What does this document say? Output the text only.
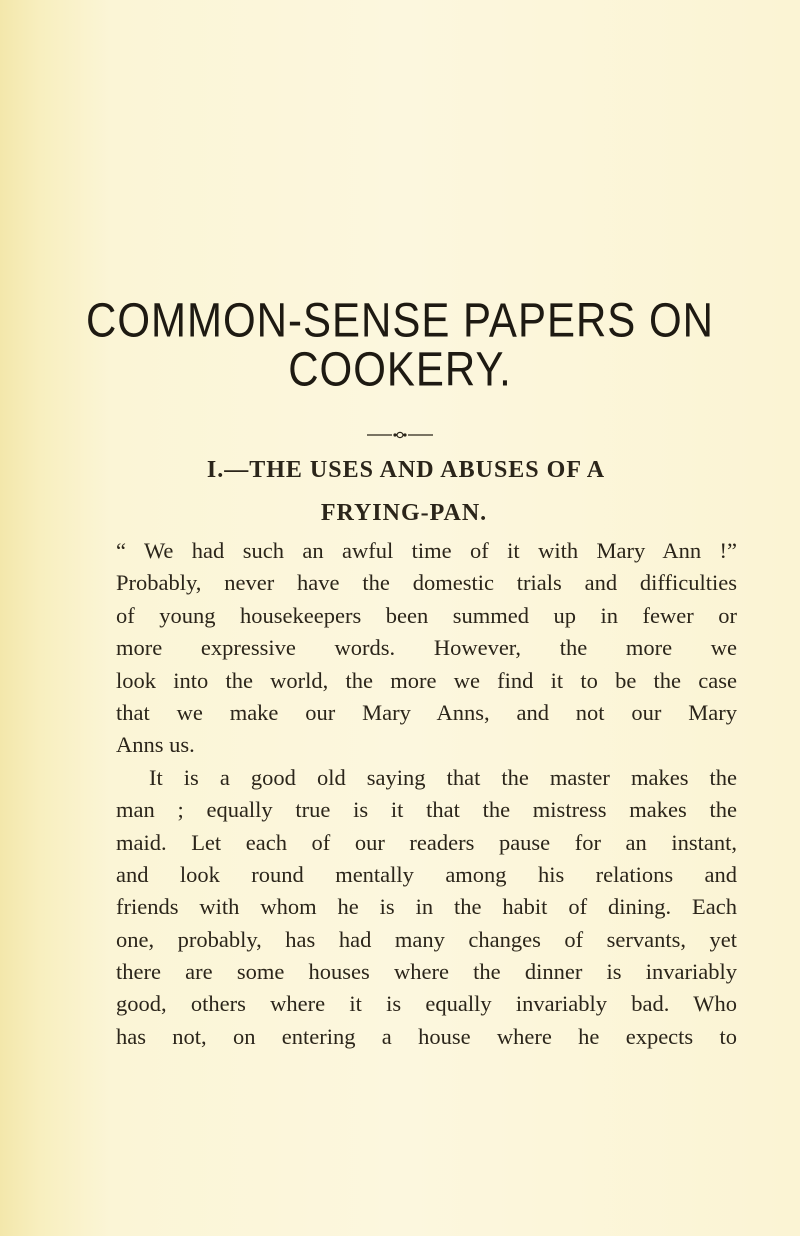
COMMON-SENSE PAPERS ON
COOKERY.
I.—THE USES AND ABUSES OF A
FRYING-PAN.
“ We had such an awful time of it with Mary Ann !”
Probably, never have the domestic trials and difficulties
of young housekeepers been summed up in fewer or
more expressive words. However, the more we
look into the world, the more we find it to be the case
that we make our Mary Anns, and not our Mary
Anns us.
It is a good old saying that the master makes the
man ; equally true is it that the mistress makes the
maid. Let each of our readers pause for an instant,
and look round mentally among his relations and
friends with whom he is in the habit of dining. Each
one, probably, has had many changes of servants, yet
there are some houses where the dinner is invariably
good, others where it is equally invariably bad. Who
has not, on entering a house where he expects to
